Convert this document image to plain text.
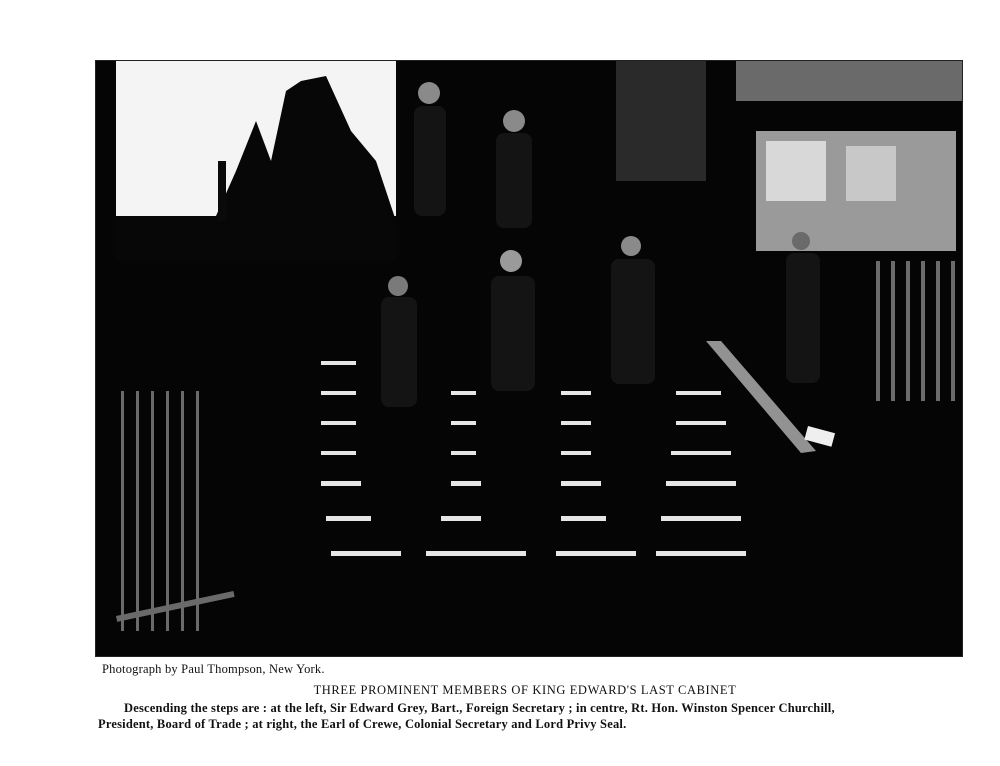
Photograph by Paul Thompson, New York.
THREE PROMINENT MEMBERS OF KING EDWARD'S LAST CABINET
Descending the steps are : at the left, Sir Edward Grey, Bart., Foreign Secretary ; in centre, Rt. Hon. Winston Spencer Churchill,
President, Board of Trade ; at right, the Earl of Crewe, Colonial Secretary and Lord Privy Seal.
